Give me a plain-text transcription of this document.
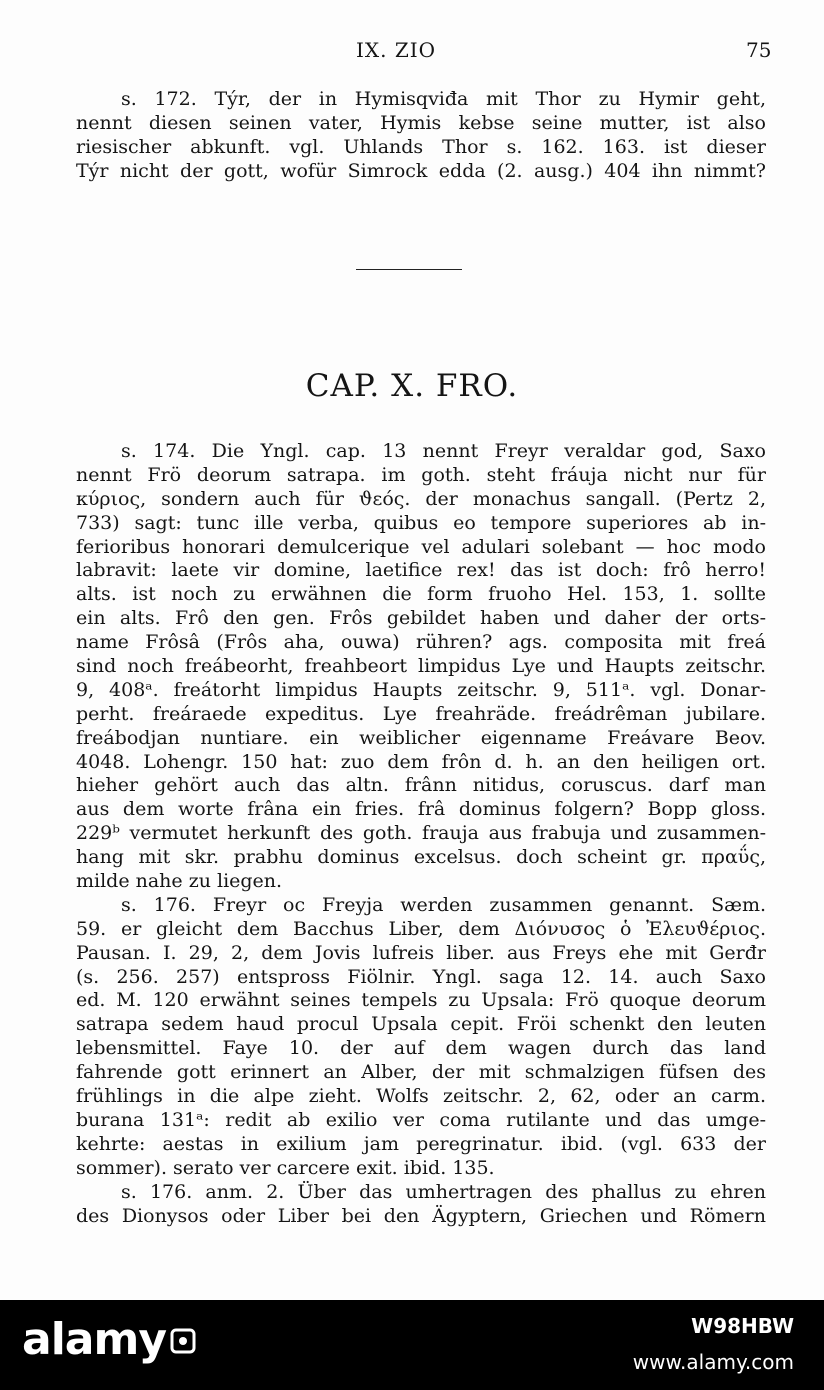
IX. ZIO	75
s. 172. Týr, der in Hymisqviđa mit Thor zu Hymir geht,
nennt diesen seinen vater, Hymis kebse seine mutter, ist also
riesischer abkunft. vgl. Uhlands Thor s. 162. 163. ist dieser
Týr nicht der gott, wofür Simrock edda (2. ausg.) 404 ihn nimmt?
CAP. X. FRO.
s. 174. Die Yngl. cap. 13 nennt Freyr veraldar god, Saxo
nennt Frö deorum satrapa. im goth. steht fráuja nicht nur für
κύριος, sondern auch für ϑεός. der monachus sangall. (Pertz 2,
733) sagt: tunc ille verba, quibus eo tempore superiores ab in-
ferioribus honorari demulcerique vel adulari solebant — hoc modo
labravit: laete vir domine, laetifice rex! das ist doch: frô herro!
alts. ist noch zu erwähnen die form fruoho Hel. 153, 1. sollte
ein alts. Frô den gen. Frôs gebildet haben und daher der orts-
name Frôsâ (Frôs aha, ouwa) rühren? ags. composita mit freá
sind noch freábeorht, freahbeort limpidus Lye und Haupts zeitschr.
9, 408ᵃ. freátorht limpidus Haupts zeitschr. 9, 511ᵃ. vgl. Donar-
perht. freáraede expeditus. Lye freahräde. freádrêman jubilare.
freábodjan nuntiare. ein weiblicher eigenname Freávare Beov.
4048. Lohengr. 150 hat: zuo dem frôn d. h. an den heiligen ort.
hieher gehört auch das altn. frânn nitidus, coruscus. darf man
aus dem worte frâna ein fries. frâ dominus folgern? Bopp gloss.
229ᵇ vermutet herkunft des goth. frauja aus frabuja und zusammen-
hang mit skr. prabhu dominus excelsus. doch scheint gr. πραΰς,
milde nahe zu liegen.
s. 176. Freyr oc Freyja werden zusammen genannt. Sæm.
59. er gleicht dem Bacchus Liber, dem Διόνυσος ὁ Ἐλευϑέριος.
Pausan. I. 29, 2, dem Jovis lufreis liber. aus Freys ehe mit Gerđr
(s. 256. 257) entspross Fiölnir. Yngl. saga 12. 14. auch Saxo
ed. M. 120 erwähnt seines tempels zu Upsala: Frö quoque deorum
satrapa sedem haud procul Upsala cepit. Fröi schenkt den leuten
lebensmittel. Faye 10. der auf dem wagen durch das land
fahrende gott erinnert an Alber, der mit schmalzigen füfsen des
frühlings in die alpe zieht. Wolfs zeitschr. 2, 62, oder an carm.
burana 131ᵃ: redit ab exilio ver coma rutilante und das umge-
kehrte: aestas in exilium jam peregrinatur. ibid. (vgl. 633 der
sommer). serato ver carcere exit. ibid. 135.
s. 176. anm. 2. Über das umhertragen des phallus zu ehren
des Dionysos oder Liber bei den Ägyptern, Griechen und Römern
alamy	W98HBW
www.alamy.com
